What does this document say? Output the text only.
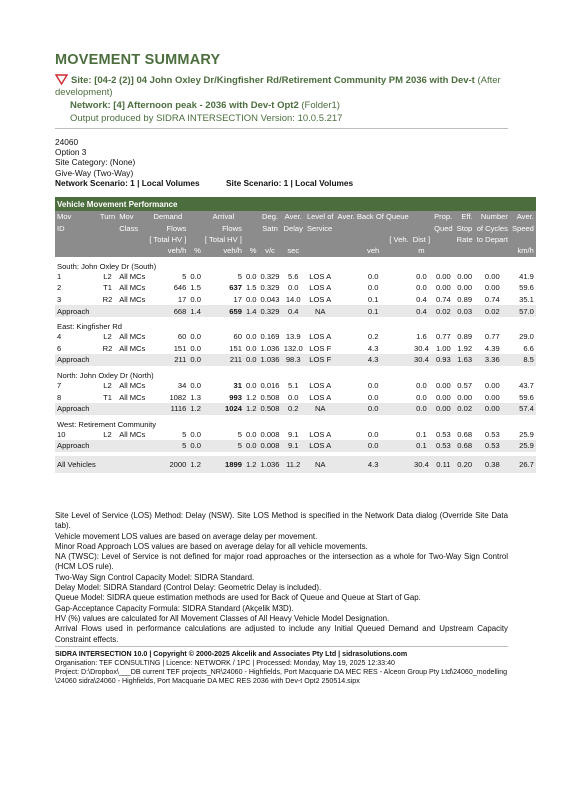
MOVEMENT SUMMARY
Site: [04-2 (2)] 04 John Oxley Dr/Kingfisher Rd/Retirement Community PM 2036 with Dev-t (After development)
Network: [4] Afternoon peak - 2036 with Dev-t Opt2 (Folder1)
Output produced by SIDRA INTERSECTION Version: 10.0.5.217
24060
Option 3
Site Category: (None)
Give-Way (Two-Way)
Network Scenario: 1 | Local Volumes	Site Scenario: 1 | Local Volumes
Vehicle Movement Performance															
Mov	Turn	Mov	Demand		Arrival		Deg.	Aver.	Level of	Aver. Back Of Queue		Prop.	Eff.	Number	Aver.
ID		Class	Flows		Flows		Satn	Delay	Service			Qued	Stop	of Cycles	Speed
			[ Total HV ]		[ Total HV ]					[ Veh.	Dist ]		Rate	to Depart	
			veh/h	%	veh/h	%	v/c	sec		veh	m				km/h
South: John Oxley Dr (South)															
1	L2	All MCs	5	0.0	5	0.0	0.329	5.6	LOS A	0.0	0.0	0.00	0.00	0.00	41.9
2	T1	All MCs	646	1.5	637	1.5	0.329	0.0	LOS A	0.0	0.0	0.00	0.00	0.00	59.6
3	R2	All MCs	17	0.0	17	0.0	0.043	14.0	LOS A	0.1	0.4	0.74	0.89	0.74	35.1
Approach			668	1.4	659	1.4	0.329	0.4	NA	0.1	0.4	0.02	0.03	0.02	57.0
East: Kingfisher Rd															
4	L2	All MCs	60	0.0	60	0.0	0.169	13.9	LOS A	0.2	1.6	0.77	0.89	0.77	29.0
6	R2	All MCs	151	0.0	151	0.0	1.036	132.0	LOS F	4.3	30.4	1.00	1.92	4.39	6.6
Approach			211	0.0	211	0.0	1.036	98.3	LOS F	4.3	30.4	0.93	1.63	3.36	8.5
North: John Oxley Dr (North)															
7	L2	All MCs	34	0.0	31	0.0	0.016	5.1	LOS A	0.0	0.0	0.00	0.57	0.00	43.7
8	T1	All MCs	1082	1.3	993	1.2	0.508	0.0	LOS A	0.0	0.0	0.00	0.00	0.00	59.6
Approach			1116	1.2	1024	1.2	0.508	0.2	NA	0.0	0.0	0.00	0.02	0.00	57.4
West: Retirement Community															
10	L2	All MCs	5	0.0	5	0.0	0.008	9.1	LOS A	0.0	0.1	0.53	0.68	0.53	25.9
Approach			5	0.0	5	0.0	0.008	9.1	LOS A	0.0	0.1	0.53	0.68	0.53	25.9

All Vehicles			2000	1.2	1899	1.2	1.036	11.2	NA	4.3	30.4	0.11	0.20	0.38	26.7

Site Level of Service (LOS) Method: Delay (NSW). Site LOS Method is specified in the Network Data dialog (Override Site Data tab).

Vehicle movement LOS values are based on average delay per movement.

Minor Road Approach LOS values are based on average delay for all vehicle movements.

NA (TWSC): Level of Service is not defined for major road approaches or the intersection as a whole for Two-Way Sign Control (HCM LOS rule).

Two-Way Sign Control Capacity Model: SIDRA Standard.

Delay Model: SIDRA Standard (Control Delay: Geometric Delay is included).

Queue Model: SIDRA queue estimation methods are used for Back of Queue and Queue at Start of Gap.

Gap-Acceptance Capacity Formula: SIDRA Standard (Akçelik M3D).

HV (%) values are calculated for All Movement Classes of All Heavy Vehicle Model Designation.

Arrival Flows used in performance calculations are adjusted to include any Initial Queued Demand and Upstream Capacity Constraint effects.

SIDRA INTERSECTION 10.0 | Copyright © 2000-2025 Akcelik and Associates Pty Ltd | sidrasolutions.com
Organisation: TEF CONSULTING | Licence: NETWORK / 1PC | Processed: Monday, May 19, 2025 12:33:40
Project: D:\Dropbox\___DB current TEF projects_NR\24060 - Highfields, Port Macquarie DA MEC RES - Alceon Group Pty Ltd\24060_modelling
\24060 sidra\24060 - Highfields, Port Macquarie DA MEC RES 2036 with Dev-t Opt2 250514.sipx
